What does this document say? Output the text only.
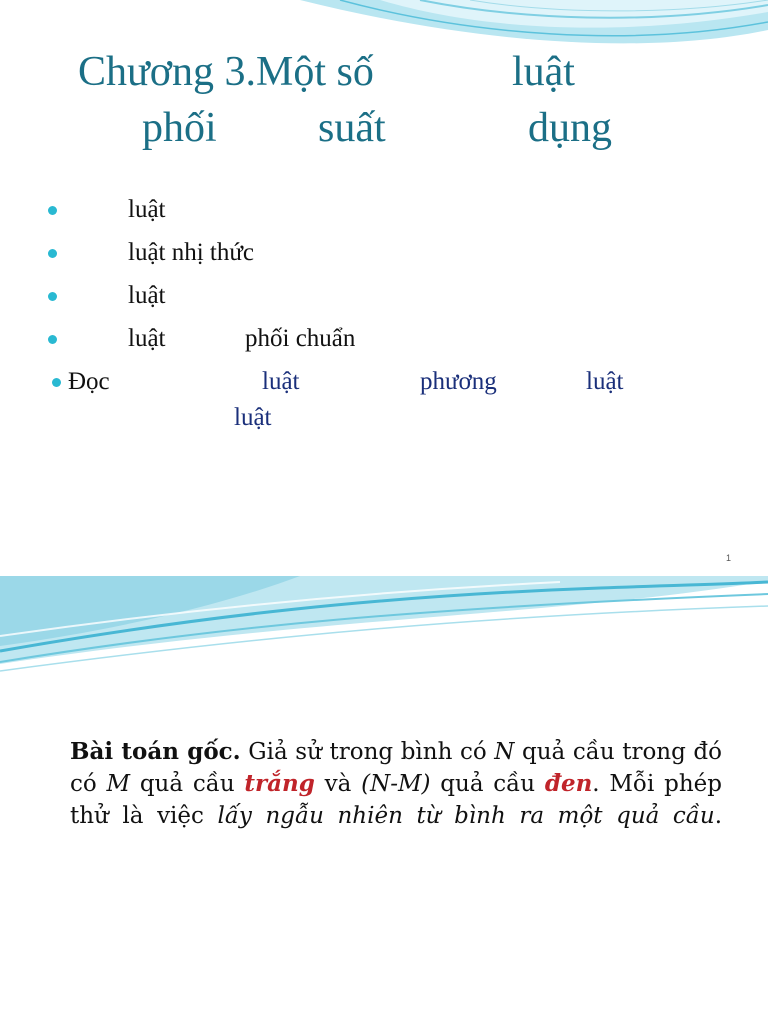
Chương 3.Một số	luật
phối suất	dụng
luật
luật nhị thức
luật
luật	phối chuẩn
Đọc	luật	phương	luật
luật
1
Bài toán gốc. Giả sử trong bình có N quả cầu trong đó có M quả cầu trắng và (N-M) quả cầu đen. Mỗi phép thử là việc lấy ngẫu nhiên từ bình ra một quả cầu.
